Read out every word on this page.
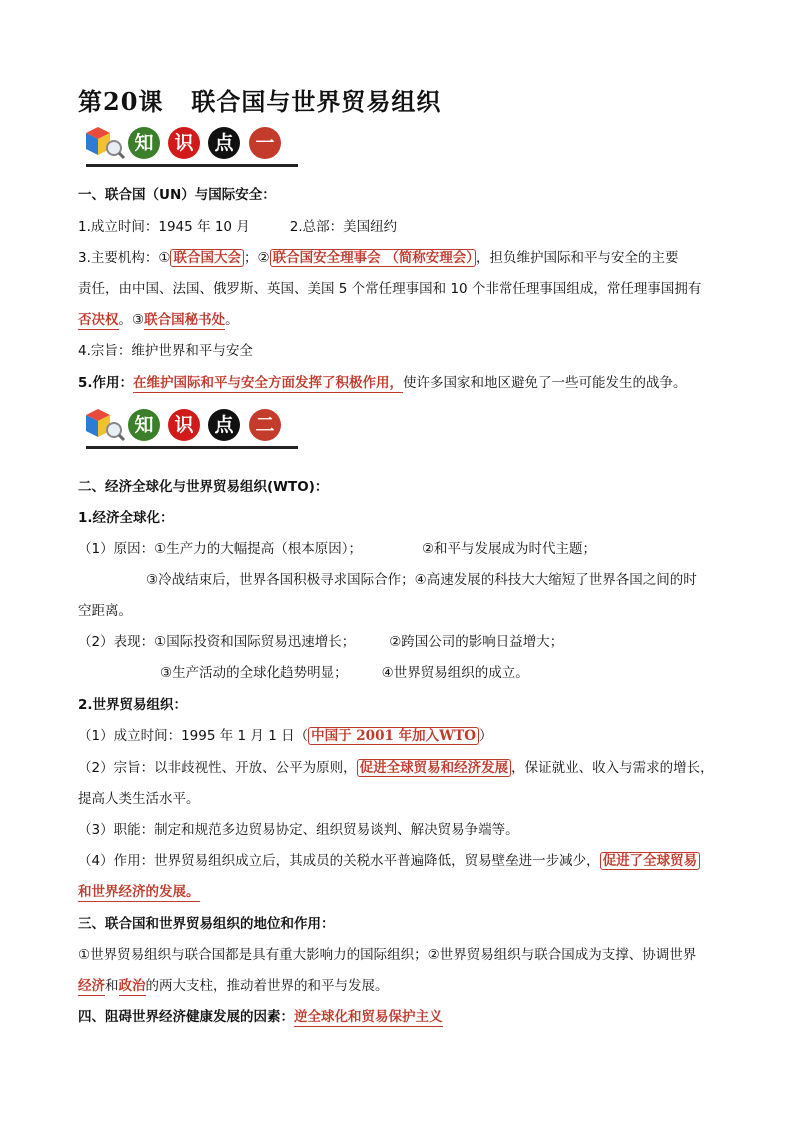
第20课 联合国与世界贸易组织
知	识	点	一
一、联合国（UN）与国际安全：
1.成立时间：1945 年 10 月	2.总部：美国纽约
3.主要机构：① 联合国大会 ；② 联合国安全理事会 （简称安理会） ，担负维护国际和平与安全的主要
责任，由中国、法国、俄罗斯、英国、美国 5 个常任理事国和 10 个非常任理事国组成，常任理事国拥有
否决权。③联合国秘书处。
4.宗旨：维护世界和平与安全
5.作用：在维护国际和平与安全方面发挥了积极作用，使许多国家和地区避免了一些可能发生的战争。
知	识	点	二
二、经济全球化与世界贸易组织(WTO)：
1.经济全球化：
（1）原因：①生产力的大幅提高（根本原因）；	②和平与发展成为时代主题；
③冷战结束后，世界各国积极寻求国际合作；④高速发展的科技大大缩短了世界各国之间的时
空距离。
（2）表现：①国际投资和国际贸易迅速增长；	②跨国公司的影响日益增大；
③生产活动的全球化趋势明显；	④世界贸易组织的成立。
2.世界贸易组织：
（1）成立时间：1995 年 1 月 1 日（ 中国于 2001 年加入WTO ）
（2）宗旨：以非歧视性、开放、公平为原则， 促进全球贸易和经济发展 ，保证就业、收入与需求的增长，
提高人类生活水平。
（3）职能：制定和规范多边贸易协定、组织贸易谈判、解决贸易争端等。
（4）作用：世界贸易组织成立后，其成员的关税水平普遍降低，贸易壁垒进一步减少， 促进了全球贸易
和世界经济的发展。
三、联合国和世界贸易组织的地位和作用：
①世界贸易组织与联合国都是具有重大影响力的国际组织；②世界贸易组织与联合国成为支撑、协调世界
经济和政治的两大支柱，推动着世界的和平与发展。
四、阻碍世界经济健康发展的因素：逆全球化和贸易保护主义
